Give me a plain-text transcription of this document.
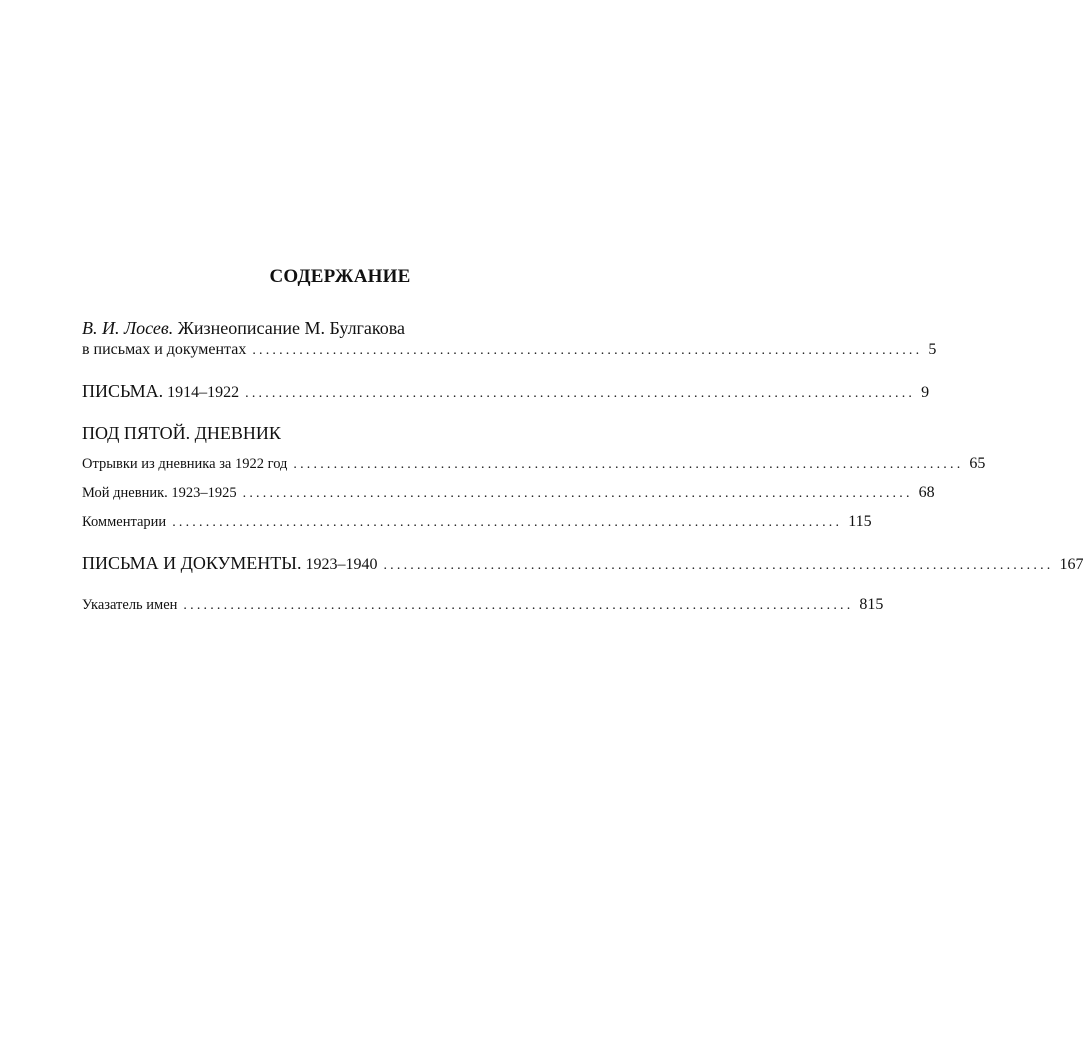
СОДЕРЖАНИЕ
В. И. Лосев. Жизнеописание М. Булгакова
в письмах и документах .................................................................................................... 5
ПИСЬМА. 1914–1922 .................................................................................................... 9
ПОД ПЯТОЙ. ДНЕВНИК
Отрывки из дневника за 1922 год .................................................................................................... 65
Мой дневник. 1923–1925 .................................................................................................... 68
Комментарии .................................................................................................... 115
ПИСЬМА И ДОКУМЕНТЫ. 1923–1940 .................................................................................................... 167
Указатель имен .................................................................................................... 815
